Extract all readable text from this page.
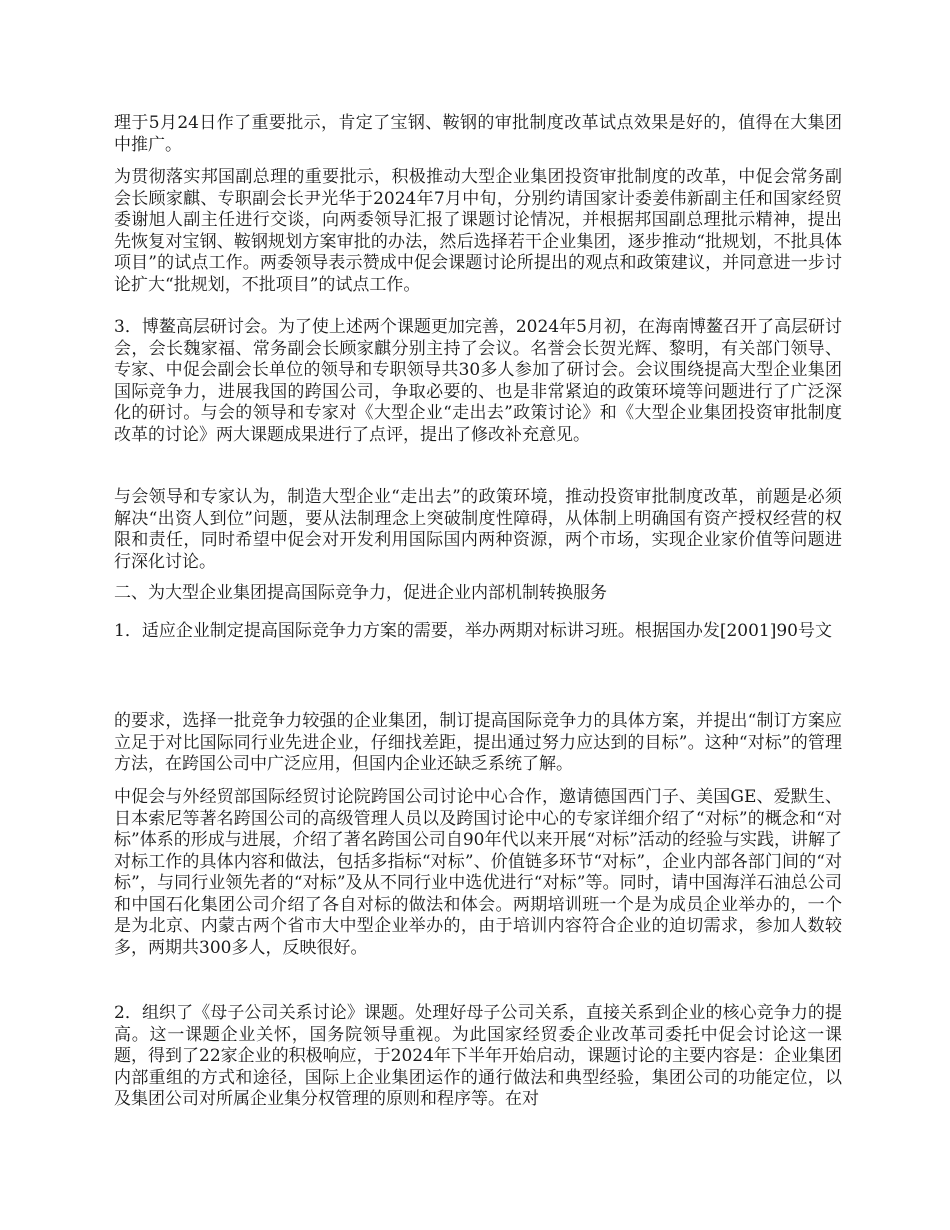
理于5月24日作了重要批示，肯定了宝钢、鞍钢的审批制度改革试点效果是好的，值得在大集团中推广。

为贯彻落实邦国副总理的重要批示，积极推动大型企业集团投资审批制度的改革，中促会常务副会长顾家麒、专职副会长尹光华于2024年7月中旬，分别约请国家计委姜伟新副主任和国家经贸委谢旭人副主任进行交谈，向两委领导汇报了课题讨论情况，并根据邦国副总理批示精神，提出先恢复对宝钢、鞍钢规划方案审批的办法，然后选择若干企业集团，逐步推动“批规划，不批具体项目”的试点工作。两委领导表示赞成中促会课题讨论所提出的观点和政策建议，并同意进一步讨论扩大“批规划，不批项目”的试点工作。

3．博鳌高层研讨会。为了使上述两个课题更加完善，2024年5月初，在海南博鳌召开了高层研讨会，会长魏家福、常务副会长顾家麒分别主持了会议。名誉会长贺光辉、黎明，有关部门领导、专家、中促会副会长单位的领导和专职领导共30多人参加了研讨会。会议围绕提高大型企业集团国际竞争力，进展我国的跨国公司，争取必要的、也是非常紧迫的政策环境等问题进行了广泛深化的研讨。与会的领导和专家对《大型企业“走出去”政策讨论》和《大型企业集团投资审批制度改革的讨论》两大课题成果进行了点评，提出了修改补充意见。

与会领导和专家认为，制造大型企业“走出去”的政策环境，推动投资审批制度改革，前题是必须解决“出资人到位”问题，要从法制理念上突破制度性障碍，从体制上明确国有资产授权经营的权限和责任，同时希望中促会对开发利用国际国内两种资源，两个市场，实现企业家价值等问题进行深化讨论。

二、为大型企业集团提高国际竞争力，促进企业内部机制转换服务

1．适应企业制定提高国际竞争力方案的需要，举办两期对标讲习班。根据国办发[2001]90号文

的要求，选择一批竞争力较强的企业集团，制订提高国际竞争力的具体方案，并提出“制订方案应立足于对比国际同行业先进企业，仔细找差距，提出通过努力应达到的目标”。这种“对标”的管理方法，在跨国公司中广泛应用，但国内企业还缺乏系统了解。

中促会与外经贸部国际经贸讨论院跨国公司讨论中心合作，邀请德国西门子、美国GE、爱默生、日本索尼等著名跨国公司的高级管理人员以及跨国讨论中心的专家详细介绍了“对标”的概念和“对标”体系的形成与进展，介绍了著名跨国公司自90年代以来开展“对标”活动的经验与实践，讲解了对标工作的具体内容和做法，包括多指标“对标”、价值链多环节“对标”，企业内部各部门间的“对标”，与同行业领先者的“对标”及从不同行业中选优进行“对标”等。同时，请中国海洋石油总公司和中国石化集团公司介绍了各自对标的做法和体会。两期培训班一个是为成员企业举办的，一个是为北京、内蒙古两个省市大中型企业举办的，由于培训内容符合企业的迫切需求，参加人数较多，两期共300多人，反映很好。

2．组织了《母子公司关系讨论》课题。处理好母子公司关系，直接关系到企业的核心竞争力的提高。这一课题企业关怀，国务院领导重视。为此国家经贸委企业改革司委托中促会讨论这一课题，得到了22家企业的积极响应，于2024年下半年开始启动，课题讨论的主要内容是：企业集团内部重组的方式和途径，国际上企业集团运作的通行做法和典型经验，集团公司的功能定位，以及集团公司对所属企业集分权管理的原则和程序等。在对
